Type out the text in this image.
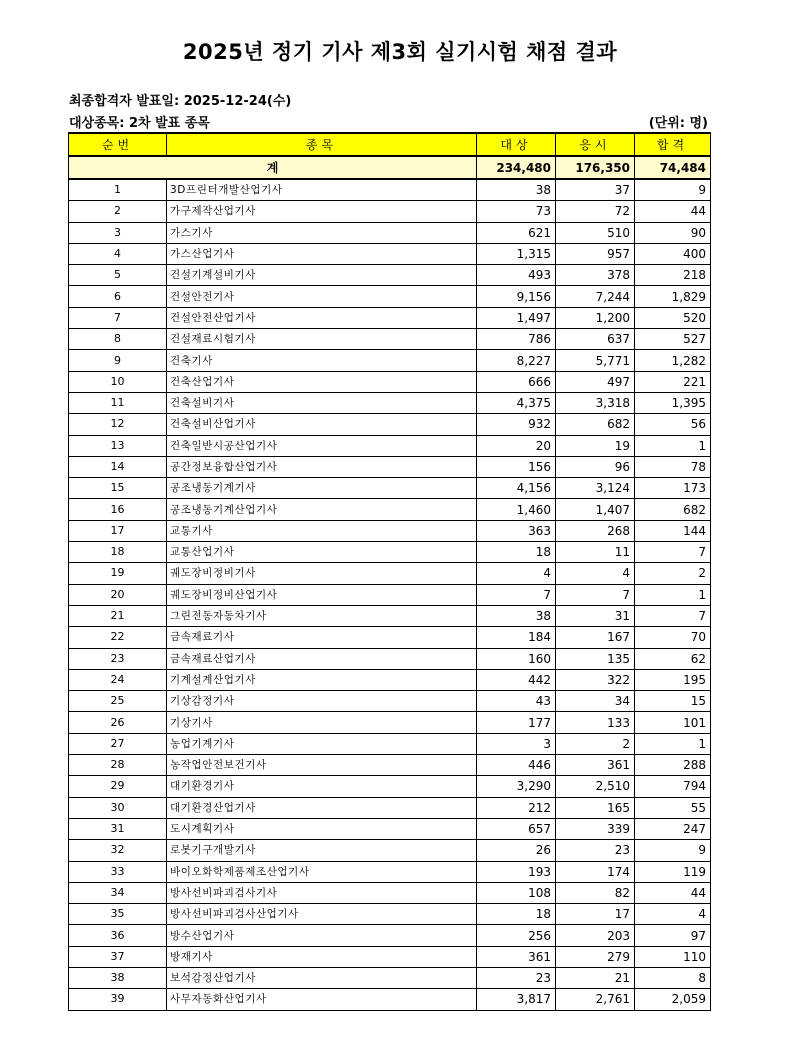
2025년 정기 기사 제3회 실기시험 채점 결과
최종합격자 발표일: 2025-12-24(수)
대상종목: 2차 발표 종목	(단위: 명)
순번	종목	대상	응시	합격
계		234,480	176,350	74,484
1	3D프린터개발산업기사	38	37	9
2	가구제작산업기사	73	72	44
3	가스기사	621	510	90
4	가스산업기사	1,315	957	400
5	건설기계설비기사	493	378	218
6	건설안전기사	9,156	7,244	1,829
7	건설안전산업기사	1,497	1,200	520
8	건설재료시험기사	786	637	527
9	건축기사	8,227	5,771	1,282
10	건축산업기사	666	497	221
11	건축설비기사	4,375	3,318	1,395
12	건축설비산업기사	932	682	56
13	건축일반시공산업기사	20	19	1
14	공간정보융합산업기사	156	96	78
15	공조냉동기계기사	4,156	3,124	173
16	공조냉동기계산업기사	1,460	1,407	682
17	교통기사	363	268	144
18	교통산업기사	18	11	7
19	궤도장비정비기사	4	4	2
20	궤도장비정비산업기사	7	7	1
21	그린전동자동차기사	38	31	7
22	금속재료기사	184	167	70
23	금속재료산업기사	160	135	62
24	기계설계산업기사	442	322	195
25	기상감정기사	43	34	15
26	기상기사	177	133	101
27	농업기계기사	3	2	1
28	농작업안전보건기사	446	361	288
29	대기환경기사	3,290	2,510	794
30	대기환경산업기사	212	165	55
31	도시계획기사	657	339	247
32	로봇기구개발기사	26	23	9
33	바이오화학제품제조산업기사	193	174	119
34	방사선비파괴검사기사	108	82	44
35	방사선비파괴검사산업기사	18	17	4
36	방수산업기사	256	203	97
37	방재기사	361	279	110
38	보석감정산업기사	23	21	8
39	사무자동화산업기사	3,817	2,761	2,059
